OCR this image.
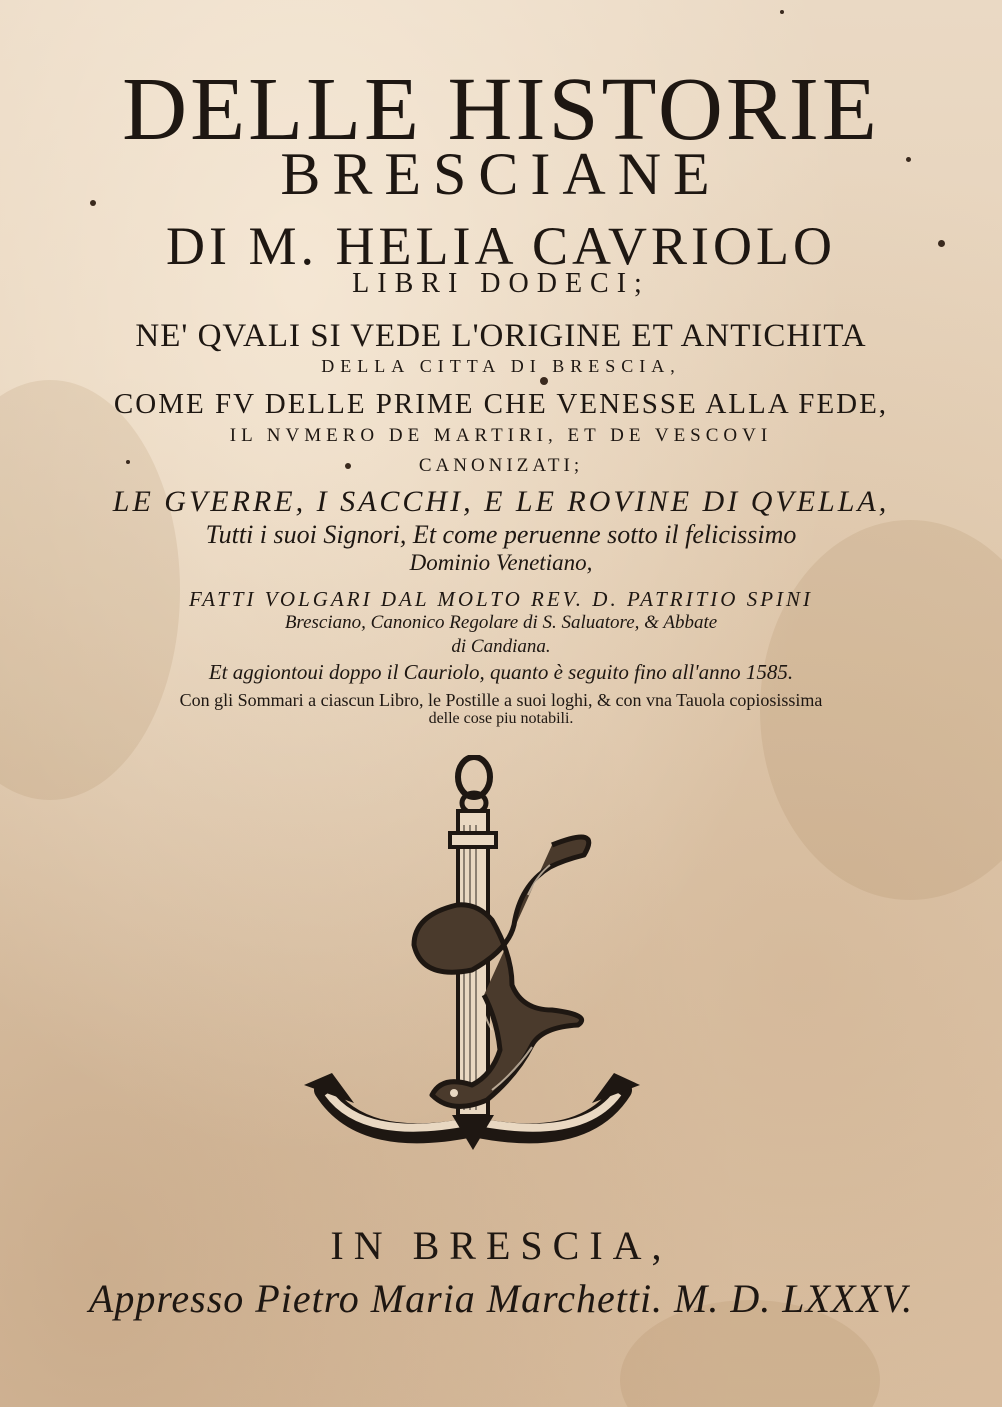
DELLE HISTORIE
BRESCIANE
DI M. HELIA CAVRIOLO
LIBRI DODECI;
NE' QVALI SI VEDE L'ORIGINE ET ANTICHITA
DELLA CITTA DI BRESCIA,
COME FV DELLE PRIME CHE VENESSE ALLA FEDE,
IL NVMERO DE MARTIRI, ET DE VESCOVI
CANONIZATI;
LE GVERRE, I SACCHI, E LE ROVINE DI QVELLA,
Tutti i suoi Signori, Et come peruenne sotto il felicissimo
Dominio Venetiano,
FATTI VOLGARI DAL MOLTO REV. D. PATRITIO SPINI
Bresciano, Canonico Regolare di S. Saluatore, & Abbate
di Candiana.
Et aggiontoui doppo il Cauriolo, quanto è seguito fino all'anno 1585.
Con gli Sommari a ciascun Libro, le Postille a suoi loghi, & con vna Tauola copiosissima
delle cose piu notabili.
IN BRESCIA,
Appresso Pietro Maria Marchetti. M. D. LXXXV.
